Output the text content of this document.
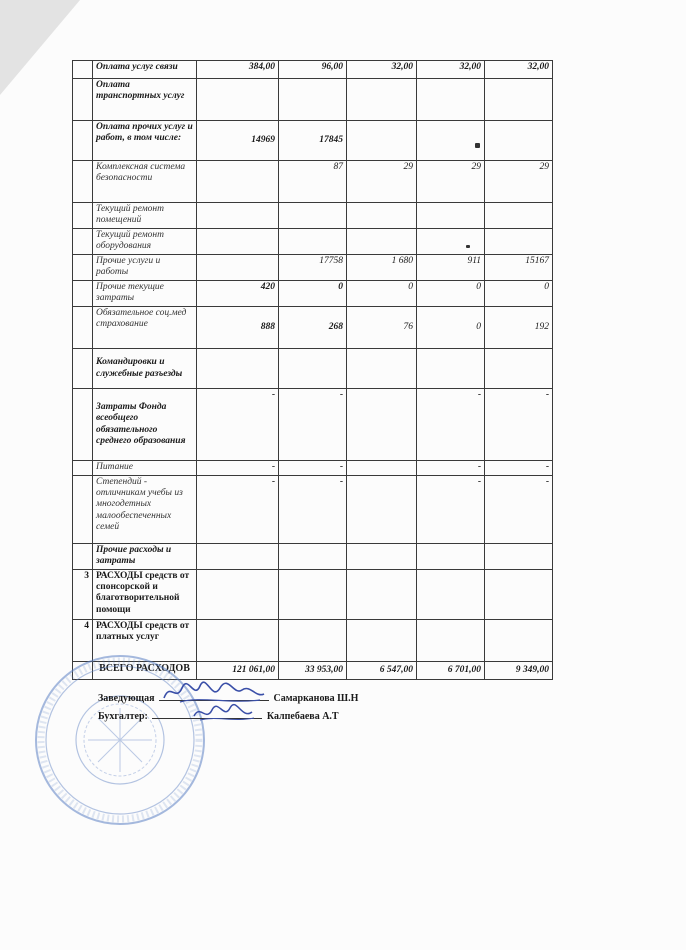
	Оплата услуг связи	384,00	96,00	32,00	32,00	32,00
	Оплата транспортных услуг					
	Оплата прочих услуг и работ, в том числе:	14969	17845			
	Комплексная система безопасности		87	29	29	29
	Текущий ремонт помещений					
	Текущий ремонт оборудования					
	Прочие услуги и работы		17758	1 680	911	15167
	Прочие текущие затраты	420	0	0	0	0
	Обязательное соц.мед страхование	888	268	76	0	192
	Командировки и служебные разъезды					
	Затраты Фонда всеобщего обязательного среднего образования	-	-		-	-
	Питание	-	-		-	-
	Степендий - отличникам учебы из многодетных малообеспеченных семей	-	-		-	-
	Прочие расходы и затраты					
3	РАСХОДЫ средств от спонсорской и благотворительной помощи					
4	РАСХОДЫ средств от платных услуг					
	ВСЕГО РАСХОДОВ	121 061,00	33 953,00	6 547,00	6 701,00	9 349,00
Заведующая	Самарканова Ш.Н
Бухгалтер:	Калпебаева А.Т
